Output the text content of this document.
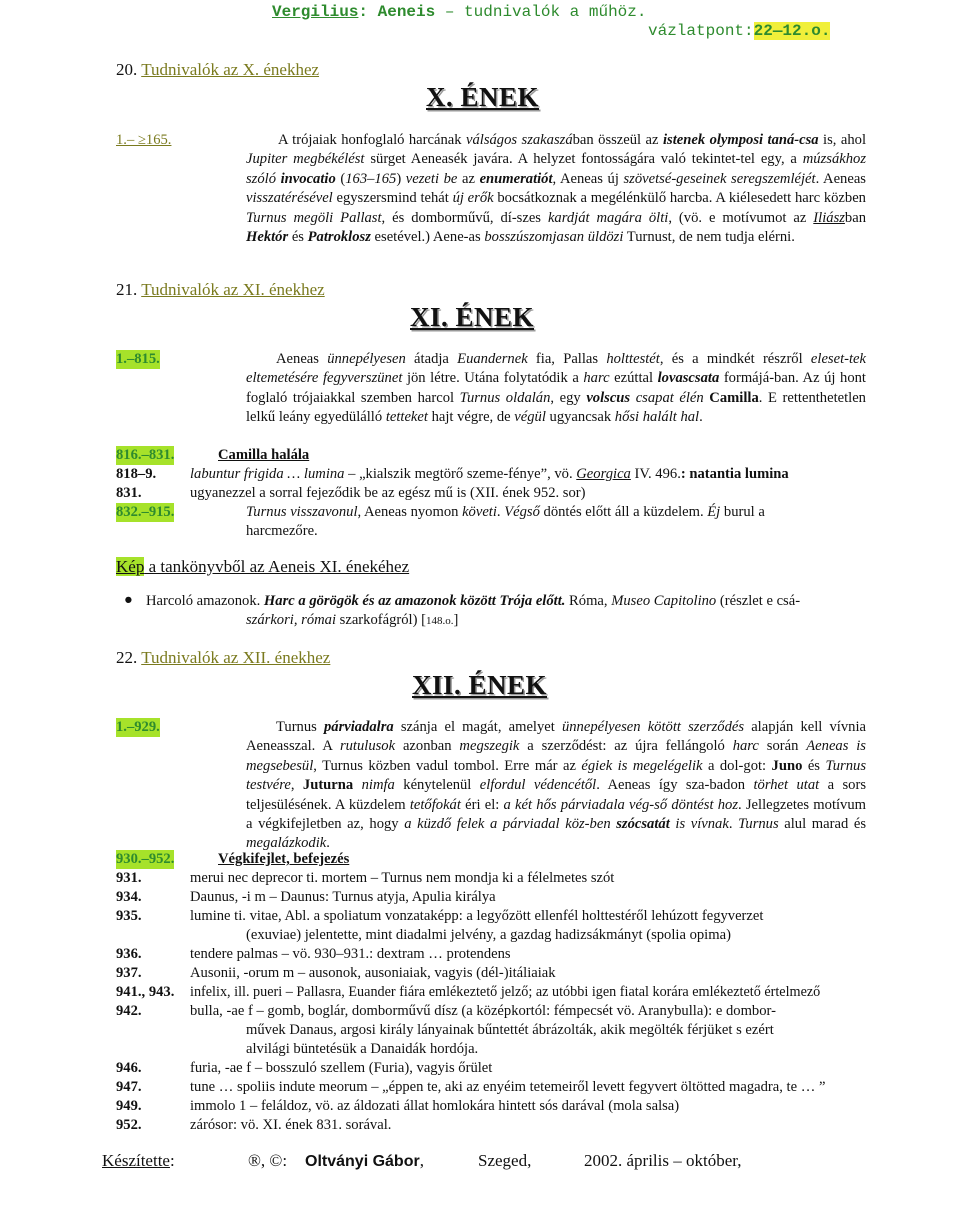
Vergilius: Aeneis – tudnivalók a műhöz.
vázlatpont:22—12.o.
20. Tudnivalók az X. énekhez
X. ÉNEK
1.– ≥165.	A trójaiak honfoglaló harcának válságos szakaszában összeül az istenek olymposi taná-csa is, ahol Jupiter megbékélést sürget Aeneasék javára. A helyzet fontosságára való tekintet-tel egy, a múzsákhoz szóló invocatio (163–165) vezeti be az enumeratiót, Aeneas új szövetsé-geseinek seregszemléjét. Aeneas visszatérésével egyszersmind tehát új erők bocsátkoznak a megélénkülő harcba. A kiélesedett harc közben Turnus megöli Pallast, és domborművű, dí-szes kardját magára ölti, (vö. e motívumot az Iliászban Hektór és Patroklosz esetével.) Aene-as bosszúszomjasan üldözi Turnust, de nem tudja elérni.
21. Tudnivalók az XI. énekhez
XI. ÉNEK
1.–815.	Aeneas ünnepélyesen átadja Euandernek fia, Pallas holttestét, és a mindkét részről eleset-tek eltemetésére fegyverszünet jön létre. Utána folytatódik a harc ezúttal lovascsata formájá-ban. Az új hont foglaló trójaiakkal szemben harcol Turnus oldalán, egy volscus csapat élén Camilla. E rettenthetetlen lelkű leány egyedülálló tetteket hajt végre, de végül ugyancsak hősi halált hal.
816.–831.	Camilla halála
818–9. labuntur frigida … lumina – „kialszik megtörő szeme-fénye”, vö. Georgica IV. 496.: natantia lumina
831.	ugyanezzel a sorral fejeződik be az egész mű is (XII. ének 952. sor)
832.–915.	Turnus visszavonul, Aeneas nyomon követi. Végső döntés előtt áll a küzdelem. Éj burul a
harcmezőre.
Kép a tankönyvből az Aeneis XI. énekéhez
● Harcoló amazonok. Harc a görögök és az amazonok között Trója előtt. Róma, Museo Capitolino (részlet e csá-
szárkori, római szarkofágról) [148.o.]
22. Tudnivalók az XII. énekhez
XII. ÉNEK
1.–929.	Turnus párviadalra szánja el magát, amelyet ünnepélyesen kötött szerződés alapján kell vívnia Aeneasszal. A rutulusok azonban megszegik a szerződést: az újra fellángoló harc során Aeneas is megsebesül, Turnus közben vadul tombol. Erre már az égiek is megelégelik a dol-got: Juno és Turnus testvére, Juturna nimfa kénytelenül elfordul védencétől. Aeneas így sza-badon törhet utat a sors teljesülésének. A küzdelem tetőfokát éri el: a két hős párviadala vég-ső döntést hoz. Jellegzetes motívum a végkifejletben az, hogy a küzdő felek a párviadal köz-ben szócsatát is vívnak. Turnus alul marad és megalázkodik.
930.–952.	Végkifejlet, befejezés
931.	merui nec deprecor ti. mortem – Turnus nem mondja ki a félelmetes szót
934.	Daunus, -i m – Daunus: Turnus atyja, Apulia királya
935.	lumine ti. vitae, Abl. a spoliatum vonzataképp: a legyőzött ellenfél holttestéről lehúzott fegyverzet
(exuviae) jelentette, mint diadalmi jelvény, a gazdag hadizsákmányt (spolia opima)
936.	tendere palmas – vö. 930–931.: dextram … protendens
937.	Ausonii, -orum m – ausonok, ausoniaiak, vagyis (dél-)itáliaiak
941., 943. infelix, ill. pueri – Pallasra, Euander fiára emlékeztető jelző; az utóbbi igen fiatal korára emlékeztető értelmező
942.	bulla, -ae f – gomb, boglár, domborművű dísz (a középkortól: fémpecsét vö. Aranybulla): e dombor-
művek Danaus, argosi király lányainak bűntettét ábrázolták, akik megölték férjüket s ezért
alvilági büntetésük a Danaidák hordója.
946.	furia, -ae f – bosszuló szellem (Furia), vagyis őrület
947.	tune … spoliis indute meorum – „éppen te, aki az enyéim tetemeiről levett fegyvert öltötted magadra, te … ”
949.	immolo 1 – feláldoz, vö. az áldozati állat homlokára hintett sós darával (mola salsa)
952.	zárósor: vö. XI. ének 831. sorával.
Készítette:	®, ©: Oltványi Gábor,	Szeged,	2002. április – október,
